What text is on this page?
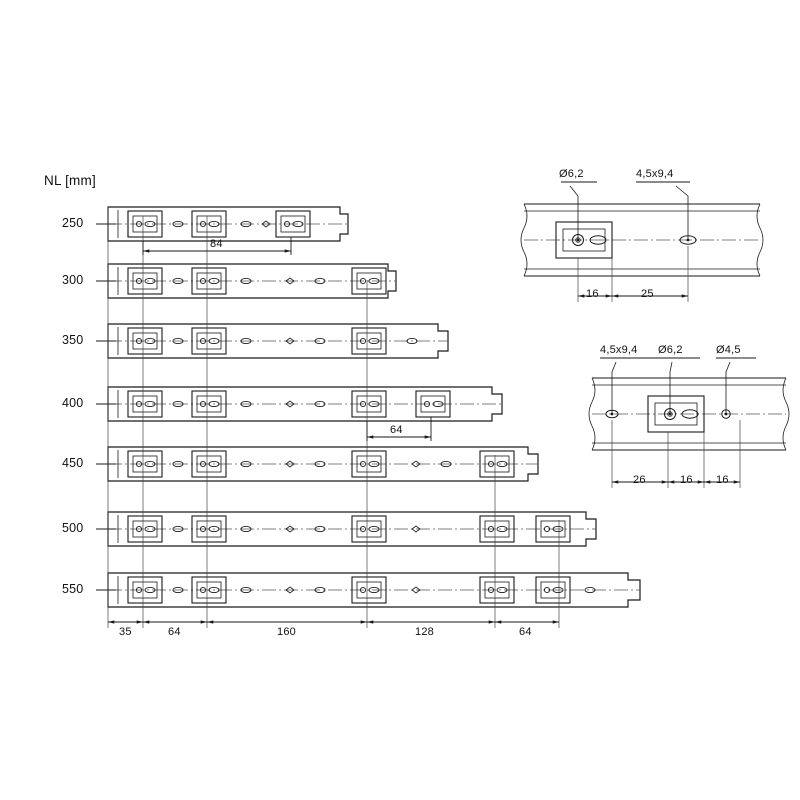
NL [mm]
250
300
350
400
450
500
550
84
64
35	64	160	128	64
Ø6,2	4,5x9,4
16	25
4,5x9,4 Ø6,2	Ø4,5
26	16 16
